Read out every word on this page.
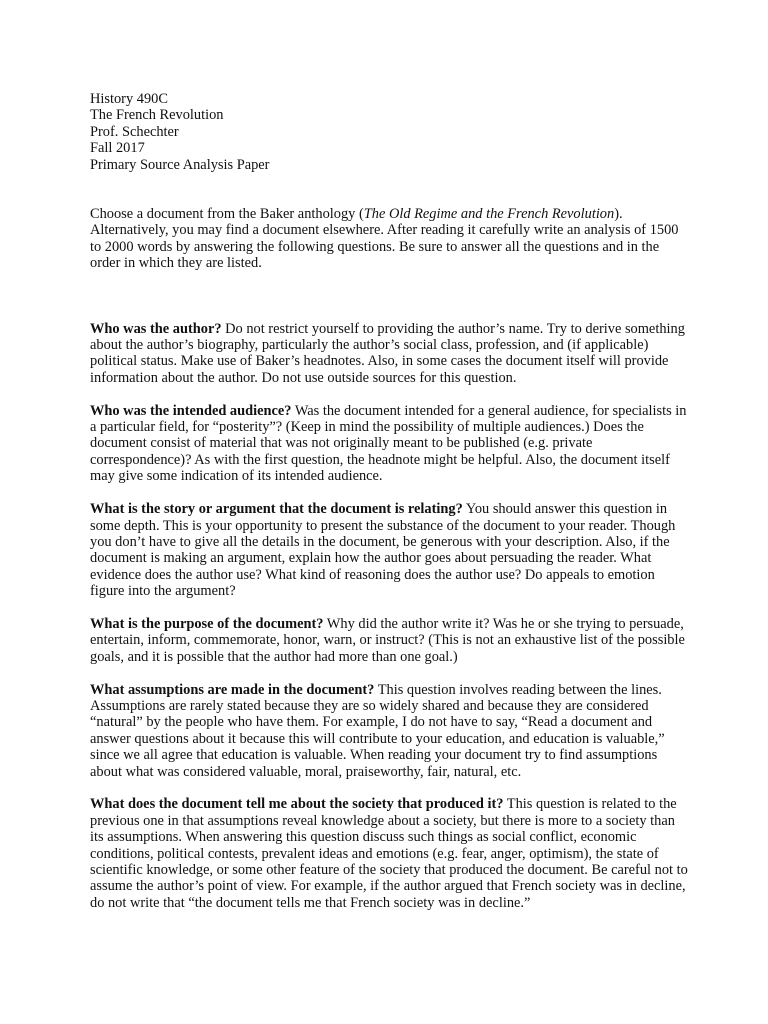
History 490C
The French Revolution
Prof. Schechter
Fall 2017
Primary Source Analysis Paper

Choose a document from the Baker anthology (The Old Regime and the French Revolution). Alternatively, you may find a document elsewhere. After reading it carefully write an analysis of 1500 to 2000 words by answering the following questions. Be sure to answer all the questions and in the order in which they are listed.

Who was the author? Do not restrict yourself to providing the author’s name. Try to derive something about the author’s biography, particularly the author’s social class, profession, and (if applicable) political status. Make use of Baker’s headnotes. Also, in some cases the document itself will provide information about the author. Do not use outside sources for this question.

Who was the intended audience? Was the document intended for a general audience, for specialists in a particular field, for “posterity”? (Keep in mind the possibility of multiple audiences.) Does the document consist of material that was not originally meant to be published (e.g. private correspondence)? As with the first question, the headnote might be helpful. Also, the document itself may give some indication of its intended audience.

What is the story or argument that the document is relating? You should answer this question in some depth. This is your opportunity to present the substance of the document to your reader. Though you don’t have to give all the details in the document, be generous with your description. Also, if the document is making an argument, explain how the author goes about persuading the reader. What evidence does the author use? What kind of reasoning does the author use? Do appeals to emotion figure into the argument?

What is the purpose of the document? Why did the author write it? Was he or she trying to persuade, entertain, inform, commemorate, honor, warn, or instruct? (This is not an exhaustive list of the possible goals, and it is possible that the author had more than one goal.)

What assumptions are made in the document? This question involves reading between the lines. Assumptions are rarely stated because they are so widely shared and because they are considered “natural” by the people who have them. For example, I do not have to say, “Read a document and answer questions about it because this will contribute to your education, and education is valuable,” since we all agree that education is valuable. When reading your document try to find assumptions about what was considered valuable, moral, praiseworthy, fair, natural, etc.

What does the document tell me about the society that produced it? This question is related to the previous one in that assumptions reveal knowledge about a society, but there is more to a society than its assumptions. When answering this question discuss such things as social conflict, economic conditions, political contests, prevalent ideas and emotions (e.g. fear, anger, optimism), the state of scientific knowledge, or some other feature of the society that produced the document. Be careful not to assume the author’s point of view. For example, if the author argued that French society was in decline, do not write that “the document tells me that French society was in decline.”
